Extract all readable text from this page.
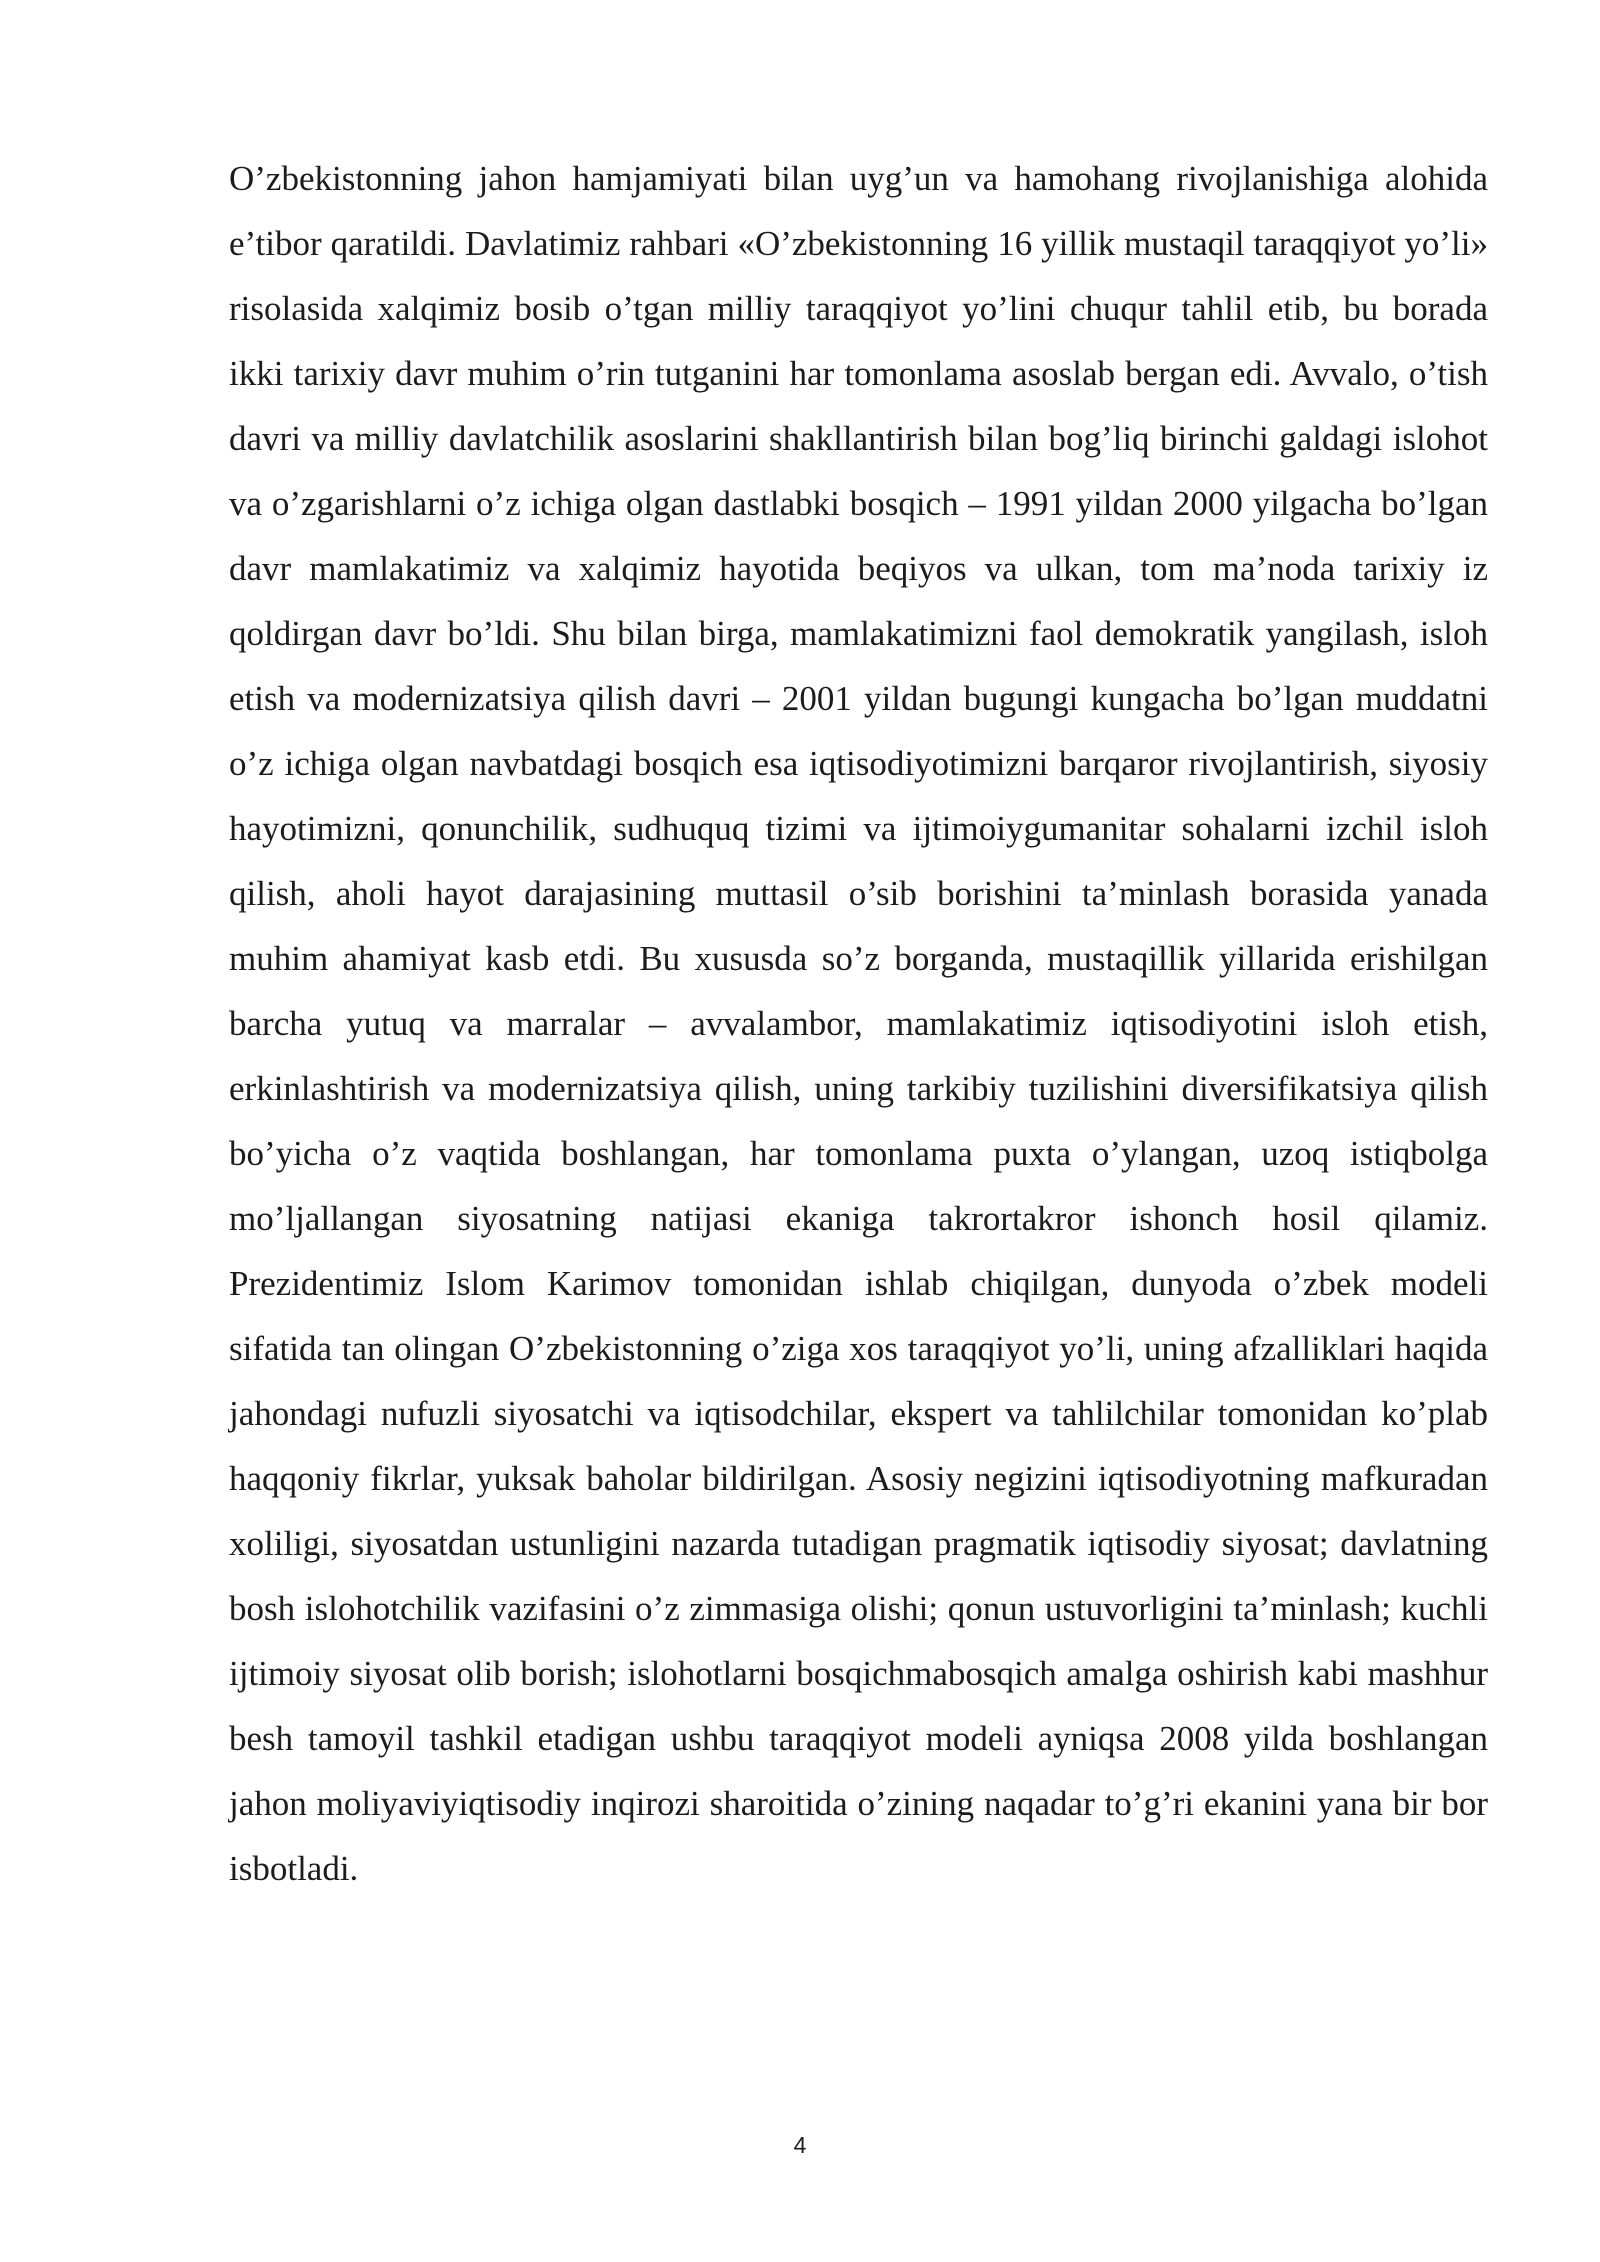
O’zbekistonning jahon hamjamiyati bilan uyg’un va hamohang rivojlanishiga alohida e’tibor qaratildi. Davlatimiz rahbari «O’zbekistonning 16 yillik mustaqil taraqqiyot yo’li» risolasida xalqimiz bosib o’tgan milliy taraqqiyot yo’lini chuqur tahlil etib, bu borada ikki tarixiy davr muhim o’rin tutganini har tomonlama asoslab bergan edi. Avvalo, o’tish davri va milliy davlatchilik asoslarini shakllantirish bilan bog’liq birinchi galdagi islohot va o’zgarishlarni o’z ichiga olgan dastlabki bosqich – 1991 yildan 2000 yilgacha bo’lgan davr mamlakatimiz va xalqimiz hayotida beqiyos va ulkan, tom ma’noda tarixiy iz qoldirgan davr bo’ldi. Shu bilan birga, mamlakatimizni faol demokratik yangilash, isloh etish va modernizatsiya qilish davri – 2001 yildan bugungi kungacha bo’lgan muddatni o’z ichiga olgan navbatdagi bosqich esa iqtisodiyotimizni barqaror rivojlantirish, siyosiy hayotimizni, qonunchilik, sudhuquq tizimi va ijtimoiygumanitar sohalarni izchil isloh qilish, aholi hayot darajasining muttasil o’sib borishini ta’minlash borasida yanada muhim ahamiyat kasb etdi. Bu xususda so’z borganda, mustaqillik yillarida erishilgan barcha yutuq va marralar – avvalambor, mamlakatimiz iqtisodiyotini isloh etish, erkinlashtirish va modernizatsiya qilish, uning tarkibiy tuzilishini diversifikatsiya qilish bo’yicha o’z vaqtida boshlangan, har tomonlama puxta o’ylangan, uzoq istiqbolga mo’ljallangan siyosatning natijasi ekaniga takrortakror ishonch hosil qilamiz. Prezidentimiz Islom Karimov tomonidan ishlab chiqilgan, dunyoda o’zbek modeli sifatida tan olingan O’zbekistonning o’ziga xos taraqqiyot yo’li, uning afzalliklari haqida jahondagi nufuzli siyosatchi va iqtisodchilar, ekspert va tahlilchilar tomonidan ko’plab haqqoniy fikrlar, yuksak baholar bildirilgan. Asosiy negizini iqtisodiyotning mafkuradan xoliligi, siyosatdan ustunligini nazarda tutadigan pragmatik iqtisodiy siyosat; davlatning bosh islohotchilik vazifasini o’z zimmasiga olishi; qonun ustuvorligini ta’minlash; kuchli ijtimoiy siyosat olib borish; islohotlarni bosqichmabosqich amalga oshirish kabi mashhur besh tamoyil tashkil etadigan ushbu taraqqiyot modeli ayniqsa 2008 yilda boshlangan jahon moliyaviyiqtisodiy inqirozi sharoitida o’zining naqadar to’g’ri ekanini yana bir bor isbotladi.

4
